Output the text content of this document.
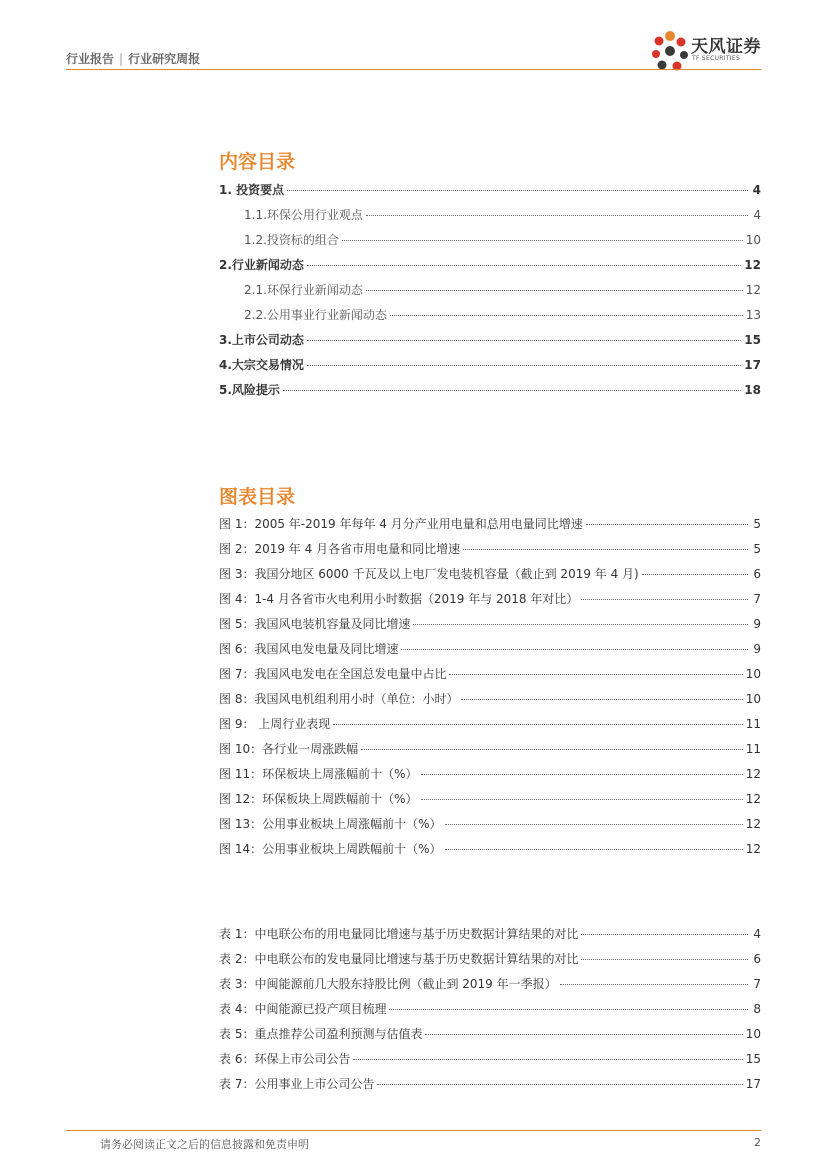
行业报告 | 行业研究周报
天风证券
TF SECURITIES
内容目录
1. 投资要点	4
1.1.环保公用行业观点	4
1.2.投资标的组合	10
2.行业新闻动态	12
2.1.环保行业新闻动态	12
2.2.公用事业行业新闻动态	13
3.上市公司动态	15
4.大宗交易情况	17
5.风险提示	18
图表目录
图 1：2005 年-2019 年每年 4 月分产业用电量和总用电量同比增速	5
图 2：2019 年 4 月各省市用电量和同比增速	5
图 3：我国分地区 6000 千瓦及以上电厂发电装机容量（截止到 2019 年 4 月)	6
图 4：1-4 月各省市火电利用小时数据（2019 年与 2018 年对比）	7
图 5：我国风电装机容量及同比增速	9
图 6：我国风电发电量及同比增速	9
图 7：我国风电发电在全国总发电量中占比	10
图 8：我国风电机组利用小时（单位：小时）	10
图 9： 上周行业表现	11
图 10：各行业一周涨跌幅	11
图 11：环保板块上周涨幅前十（%）	12
图 12：环保板块上周跌幅前十（%）	12
图 13：公用事业板块上周涨幅前十（%）	12
图 14：公用事业板块上周跌幅前十（%）	12
表 1：中电联公布的用电量同比增速与基于历史数据计算结果的对比	4
表 2：中电联公布的发电量同比增速与基于历史数据计算结果的对比	6
表 3：中闽能源前几大股东持股比例（截止到 2019 年一季报）	7
表 4：中闽能源已投产项目梳理	8
表 5：重点推荐公司盈利预测与估值表	10
表 6：环保上市公司公告	15
表 7：公用事业上市公司公告	17
请务必阅读正文之后的信息披露和免责申明	2
